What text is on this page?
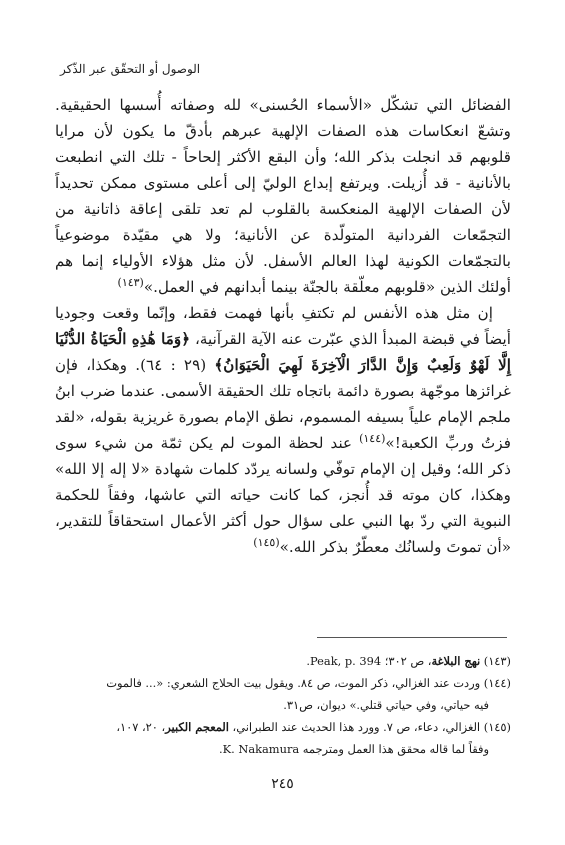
الوصول أو التحقّق عبر الذّكر

الفضائل التي تشكّل «الأسماء الحُسنى» لله وصفاته أُسسها الحقيقية. وتشعّ انعكاسات هذه الصفات الإلهية عبرهم بأدقّ ما يكون لأن مرايا قلوبهم قد انجلت بذكر الله؛ وأن البقع الأكثر إلحاحاً - تلك التي انطبعت بالأنانية - قد أُزيلت. ويرتفع إبداع الوليّ إلى أعلى مستوى ممكن تحديداً لأن الصفات الإلهية المنعكسة بالقلوب لم تعد تلقى إعاقة ذاتانية من التجمّعات الفردانية المتولّدة عن الأنانية؛ ولا هي مقيّدة موضوعياً بالتجمّعات الكونية لهذا العالم الأسفل. لأن مثل هؤلاء الأولياء إنما هم أولئك الذين «قلوبهم معلّقة بالجنّة بينما أبدانهم في العمل.»$^{(١٤٣)}$

إن مثل هذه الأنفس لم تكتفِ بأنها فهمت فقط، وإنّما وقعت وجوديا أيضاً في قبضة المبدأ الذي عبّرت عنه الآية القرآنية، ﴿وَمَا هَٰذِهِ الْحَيَاةُ الدُّنْيَا إِلَّا لَهْوٌ وَلَعِبٌ وَإِنَّ الدَّارَ الْآخِرَةَ لَهِيَ الْحَيَوَانُ﴾ (٢٩ : ٦٤). وهكذا، فإن غرائزها موجّهة بصورة دائمة باتجاه تلك الحقيقة الأسمى. عندما ضرب ابنُ ملجم الإمام علياً بسيفه المسموم، نطق الإمام بصورة غريزية بقوله، «لقد فزتُ وربِّ الكعبة!»$^{(١٤٤)}$ عند لحظة الموت لم يكن ثمّة من شيء سوى ذكر الله؛ وقيل إن الإمام توفّي ولسانه يردّد كلمات شهادة «لا إله إلا الله» وهكذا، كان موته قد أُنجز، كما كانت حياته التي عاشها، وفقاً للحكمة النبوية التي ردّ بها النبي على سؤال حول أكثر الأعمال استحقاقاً للتقدير، «أن تموتَ ولسانُك معطّرٌ بذكر الله.»$^{(١٤٥)}$

(١٤٣) نهج البلاغة، ص ٣٠٢؛ Peak, p. 394.

(١٤٤) وردت عند الغزالي، ذكر الموت، ص ٨٤. ويقول بيت الحلاج الشعري: «... فالموت

فيه حياتي، وفي حياتي قتلي.» ديوان، ص٣١.

(١٤٥) الغزالي، دعاء، ص ٧. وورد هذا الحديث عند الطبراني، المعجم الكبير، ٢٠، ١٠٧،

وفقاً لما قاله محقق هذا العمل ومترجمه K. Nakamura.

٢٤٥
